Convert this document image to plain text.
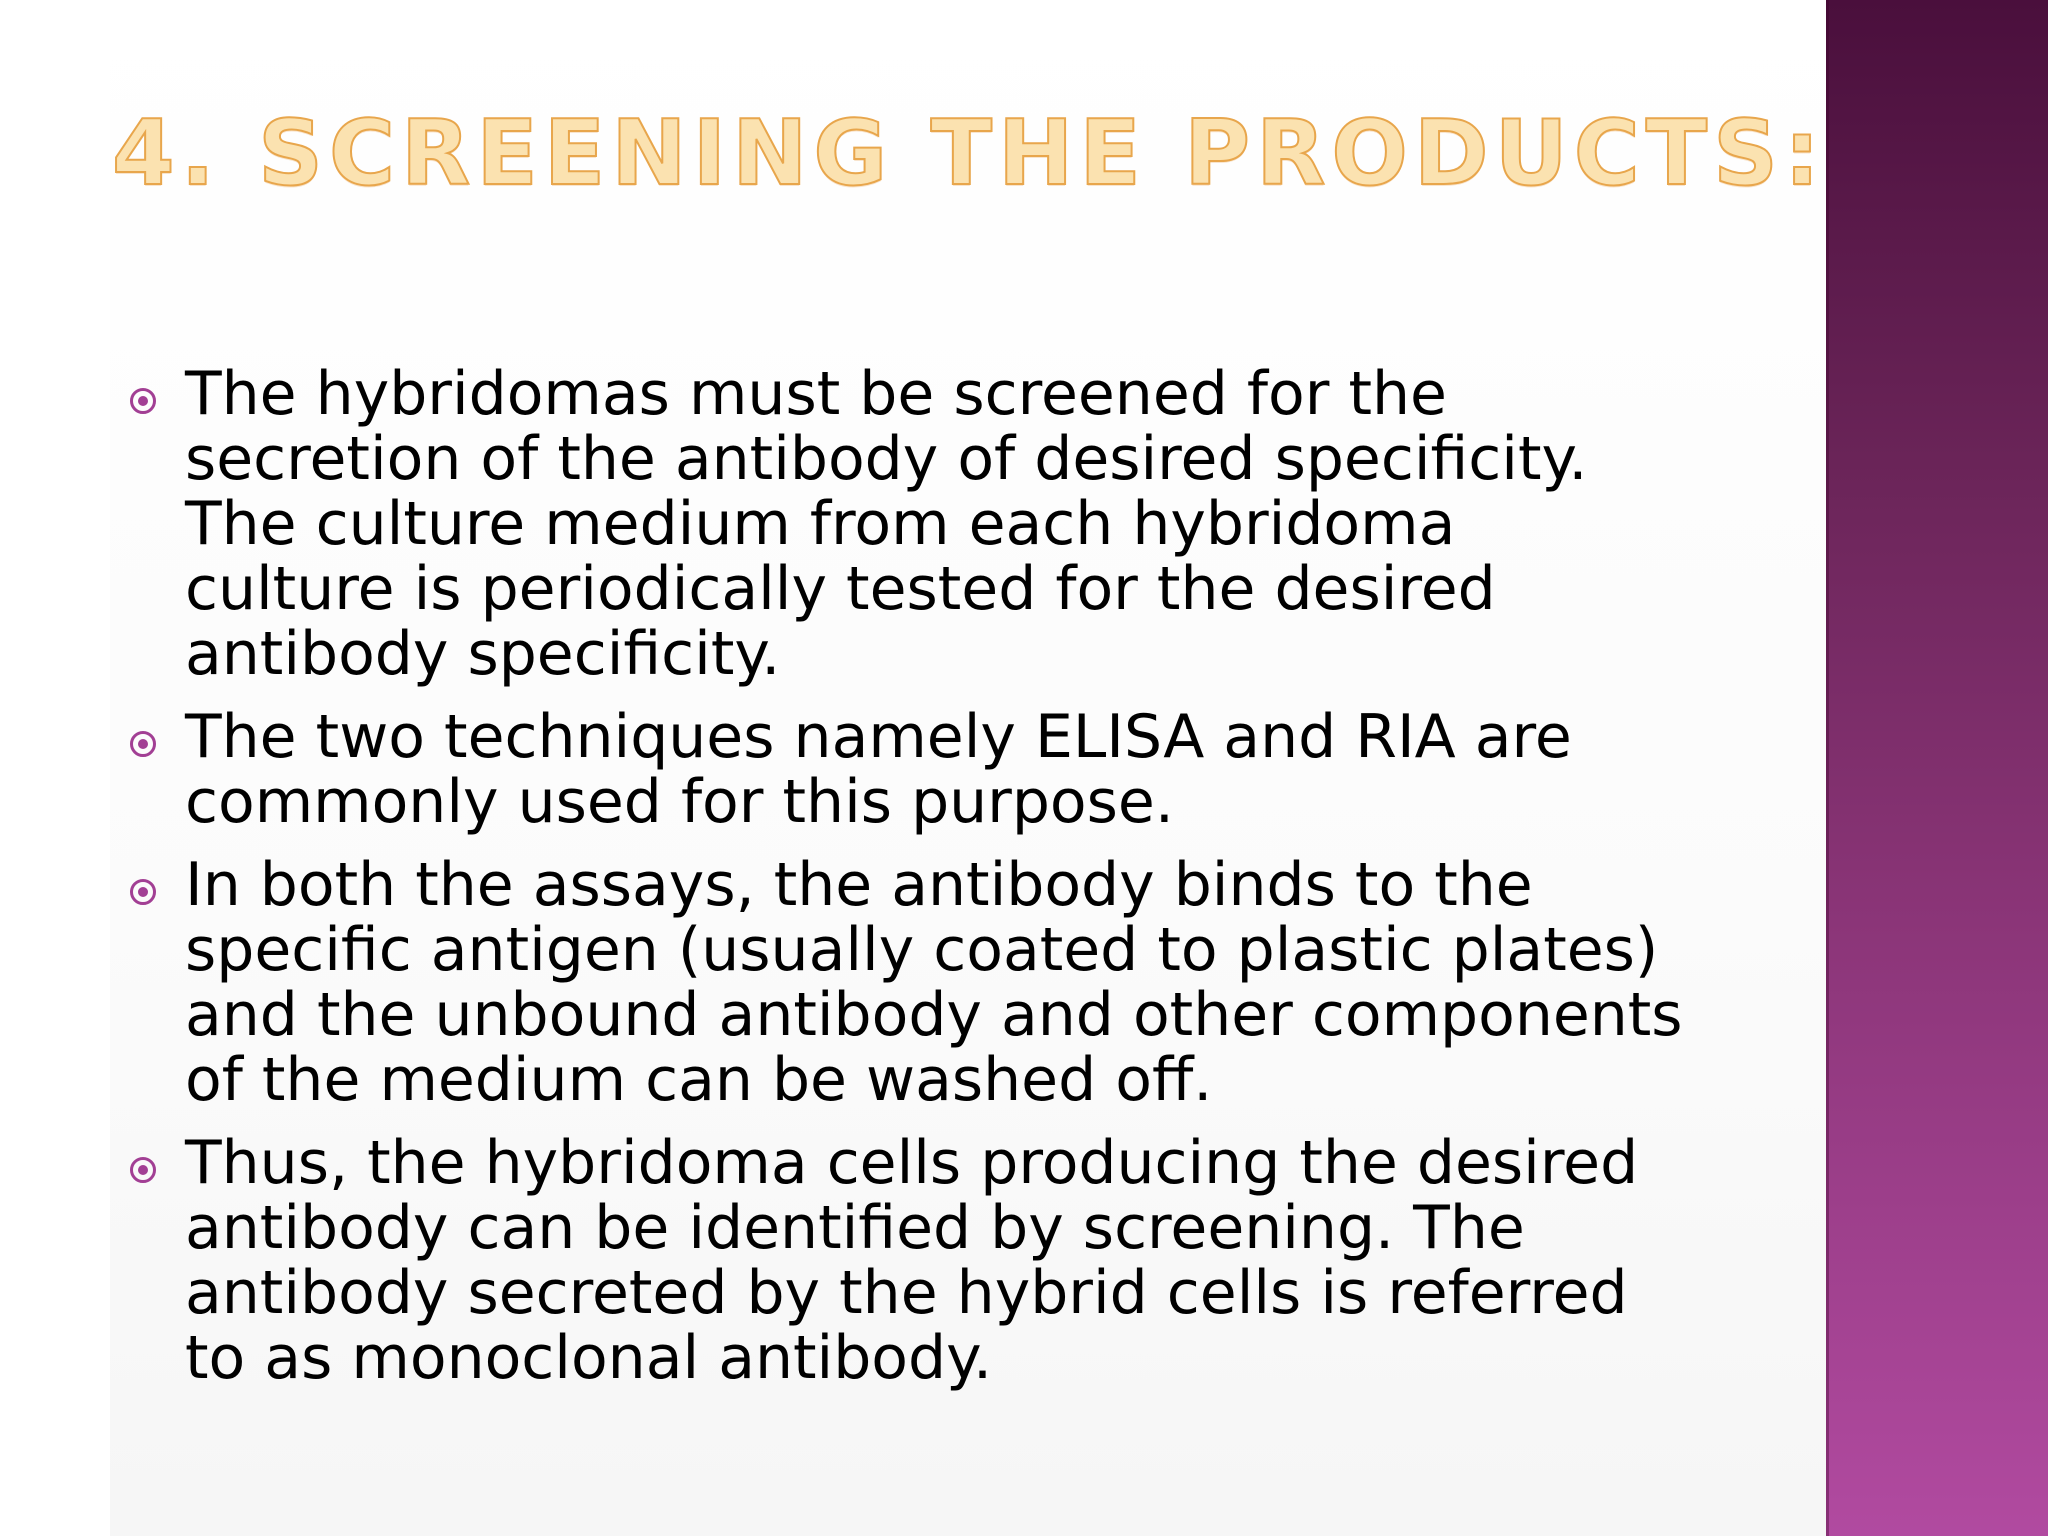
4. SCREENING THE PRODUCTS:
The hybridomas must be screened for the
secretion of the antibody of desired specificity.
The culture medium from each hybridoma
culture is periodically tested for the desired
antibody specificity.
The two techniques namely ELISA and RIA are
commonly used for this purpose.
In both the assays, the antibody binds to the
specific antigen (usually coated to plastic plates)
and the unbound antibody and other components
of the medium can be washed off.
Thus, the hybridoma cells producing the desired
antibody can be identified by screening. The
antibody secreted by the hybrid cells is referred
to as monoclonal antibody.
